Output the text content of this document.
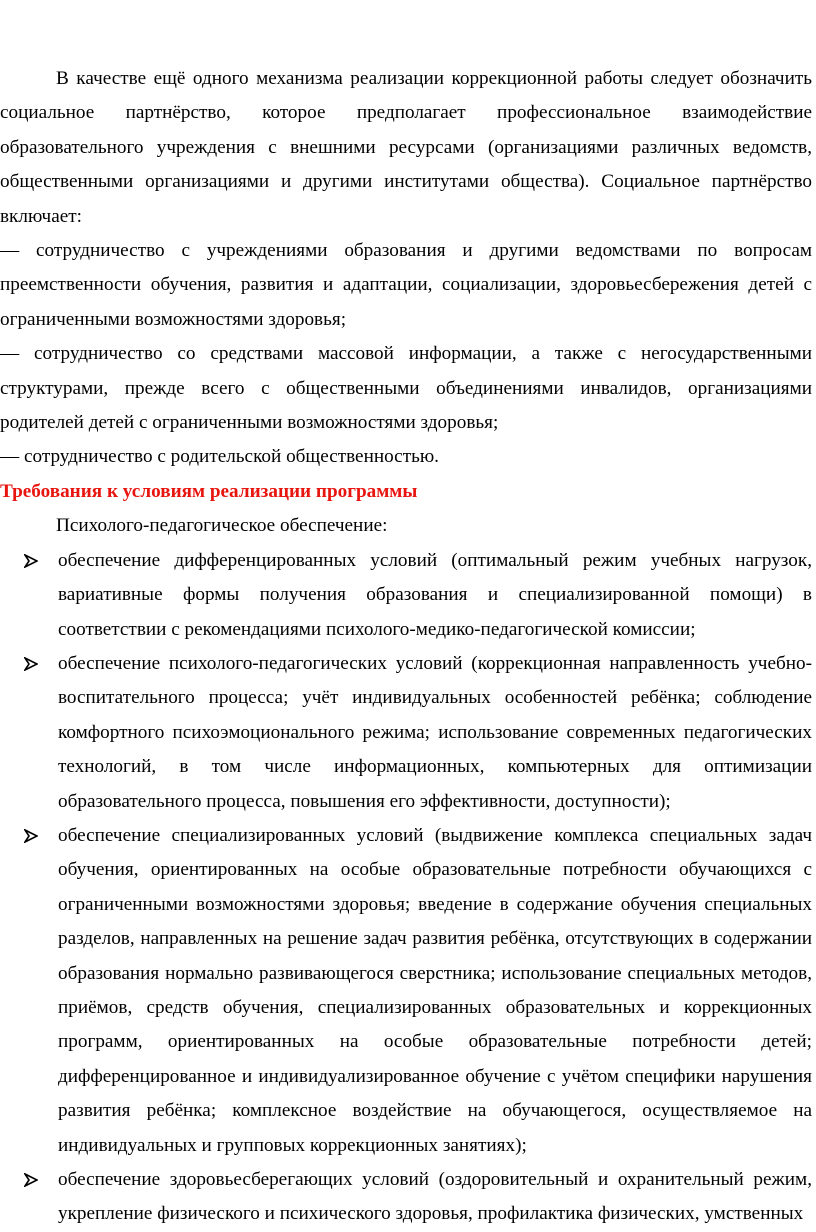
В качестве ещё одного механизма реализации коррекционной работы следует обозначить социальное партнёрство, которое предполагает профессиональное взаимодействие образовательного учреждения с внешними ресурсами (организациями различных ведомств, общественными организациями и другими институтами общества). Социальное партнёрство включает:

— сотрудничество с учреждениями образования и другими ведомствами по вопросам преемственности обучения, развития и адаптации, социализации, здоровьесбережения детей с ограниченными возможностями здоровья;

— сотрудничество со средствами массовой информации, а также с негосударственными структурами, прежде всего с общественными объединениями инвалидов, организациями родителей детей с ограниченными возможностями здоровья;

— сотрудничество с родительской общественностью.

Требования к условиям реализации программы

Психолого-педагогическое обеспечение:

обеспечение дифференцированных условий (оптимальный режим учебных нагрузок, вариативные формы получения образования и специализированной помощи) в соответствии с рекомендациями психолого-медико-педагогической комиссии;
обеспечение психолого-педагогических условий (коррекционная направленность учебно-воспитательного процесса; учёт индивидуальных особенностей ребёнка; соблюдение комфортного психоэмоционального режима; использование современных педагогических технологий, в том числе информационных, компьютерных для оптимизации образовательного процесса, повышения его эффективности, доступности);
обеспечение специализированных условий (выдвижение комплекса специальных задач обучения, ориентированных на особые образовательные потребности обучающихся с ограниченными возможностями здоровья; введение в содержание обучения специальных разделов, направленных на решение задач развития ребёнка, отсутствующих в содержании образования нормально развивающегося сверстника; использование специальных методов, приёмов, средств обучения, специализированных образовательных и коррекционных программ, ориентированных на особые образовательные потребности детей; дифференцированное и индивидуализированное обучение с учётом специфики нарушения развития ребёнка; комплексное воздействие на обучающегося, осуществляемое на индивидуальных и групповых коррекционных занятиях);
обеспечение здоровьесберегающих условий (оздоровительный и охранительный режим, укрепление физического и психического здоровья, профилактика физических, умственных
